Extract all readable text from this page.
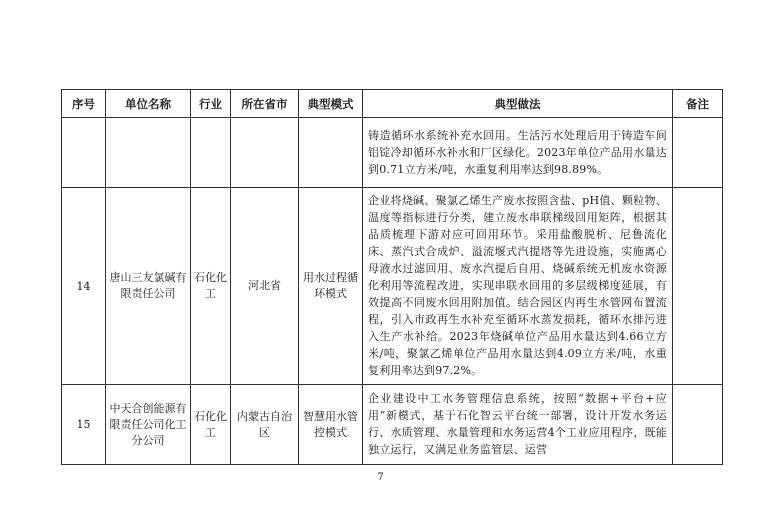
序号	单位名称	行业	所在省市	典型模式	典型做法	备注
					铸造循环水系统补充水回用。生活污水处理后用于铸造车间铝锭冷却循环水补水和厂区绿化。2023年单位产品用水量达到0.71立方米/吨，水重复利用率达到98.89%。	
14	唐山三友氯碱有限责任公司	石化化工	河北省	用水过程循环模式	企业将烧碱、聚氯乙烯生产废水按照含盐、pH值、颗粒物、温度等指标进行分类，建立废水串联梯级回用矩阵，根据其品质梳理下游对应可回用环节。采用盐酸脱析、尼鲁流化床、蒸汽式合成炉、溢流堰式汽提塔等先进设施，实施离心母液水过滤回用、废水汽提后自用、烧碱系统无机废水资源化利用等流程改进，实现串联水回用的多层级梯度延展，有效提高不同废水回用附加值。结合园区内再生水管网布置流程，引入市政再生水补充至循环水蒸发损耗，循环水排污进入生产水补给。2023年烧碱单位产品用水量达到4.66立方米/吨，聚氯乙烯单位产品用水量达到4.09立方米/吨，水重复利用率达到97.2%。	
15	中天合创能源有限责任公司化工分公司	石化化工	内蒙古自治区	智慧用水管控模式	企业建设中工水务管理信息系统，按照“数据+平台+应用”新模式，基于石化智云平台统一部署，设计开发水务运行、水质管理、水量管理和水务运营4个工业应用程序，既能独立运行，又满足业务监管层、运营	
7
